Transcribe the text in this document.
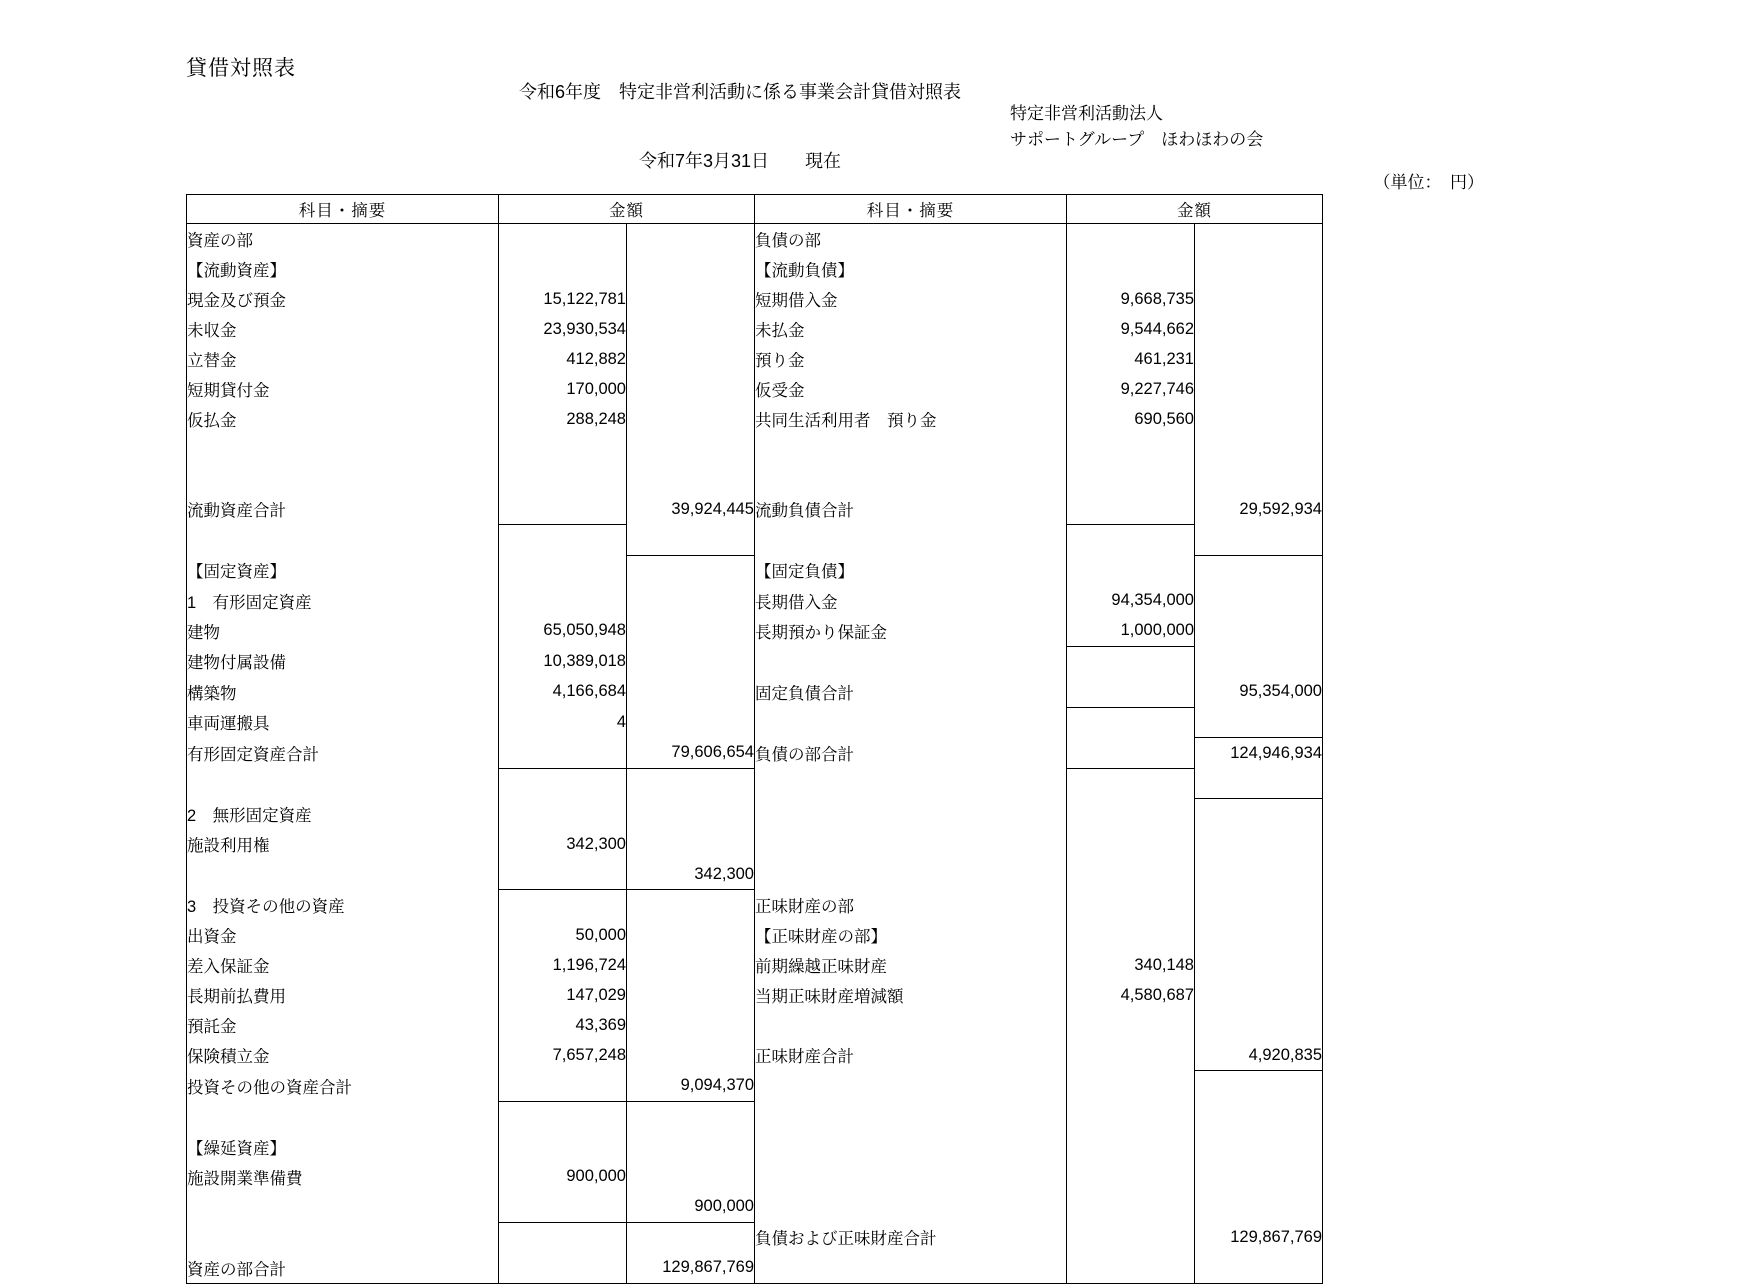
貸借対照表
令和6年度　特定非営利活動に係る事業会計貸借対照表
特定非営利活動法人
サポートグループ　ほわほわの会
令和7年3月31日　　現在
（単位：　円）
科目・摘要	金額		科目・摘要	金額	
資産の部			負債の部		
【流動資産】			【流動負債】		
現金及び預金	15,122,781		短期借入金	9,668,735	
未収金	23,930,534		未払金	9,544,662	
立替金	412,882		預り金	461,231	
短期貸付金	170,000		仮受金	9,227,746	
仮払金	288,248		共同生活利用者　預り金	690,560	

流動資産合計		39,924,445	流動負債合計		29,592,934

【固定資産】			【固定負債】		
1　有形固定資産			長期借入金	94,354,000	
建物	65,050,948		長期預かり保証金	1,000,000	
建物付属設備	10,389,018				
構築物	4,166,684		固定負債合計		95,354,000
車両運搬具	4				
有形固定資産合計		79,606,654	負債の部合計		124,946,934

2　無形固定資産					
施設利用権	342,300				
		342,300			
3　投資その他の資産			正味財産の部		
出資金	50,000		【正味財産の部】		
差入保証金	1,196,724		前期繰越正味財産	340,148	
長期前払費用	147,029		当期正味財産増減額	4,580,687	
預託金	43,369				
保険積立金	7,657,248		正味財産合計		4,920,835
投資その他の資産合計		9,094,370			

【繰延資産】					
施設開業準備費	900,000				
		900,000			
			負債および正味財産合計		129,867,769
資産の部合計		129,867,769			
